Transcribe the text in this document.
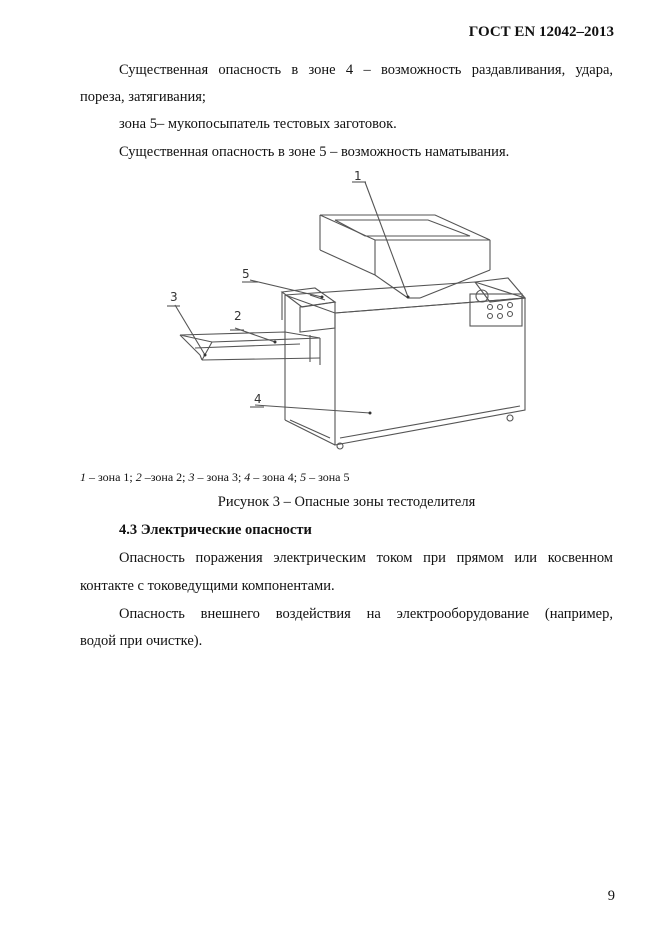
ГОСТ EN 12042–2013
Существенная опасность в зоне 4 – возможность раздавливания, удара,
пореза, затягивания;
зона 5– мукопосыпатель тестовых заготовок.
Существенная опасность в зоне 5 – возможность наматывания.
1
2
3
4
5
1 – зона 1; 2 –зона 2; 3 – зона 3; 4 – зона 4; 5 – зона 5
Рисунок 3 – Опасные зоны тестоделителя
4.3 Электрические опасности
Опасность поражения электрическим током при прямом или косвенном
контакте с токоведущими компонентами.
Опасность внешнего воздействия на электрооборудование (например,
водой при очистке).
9
